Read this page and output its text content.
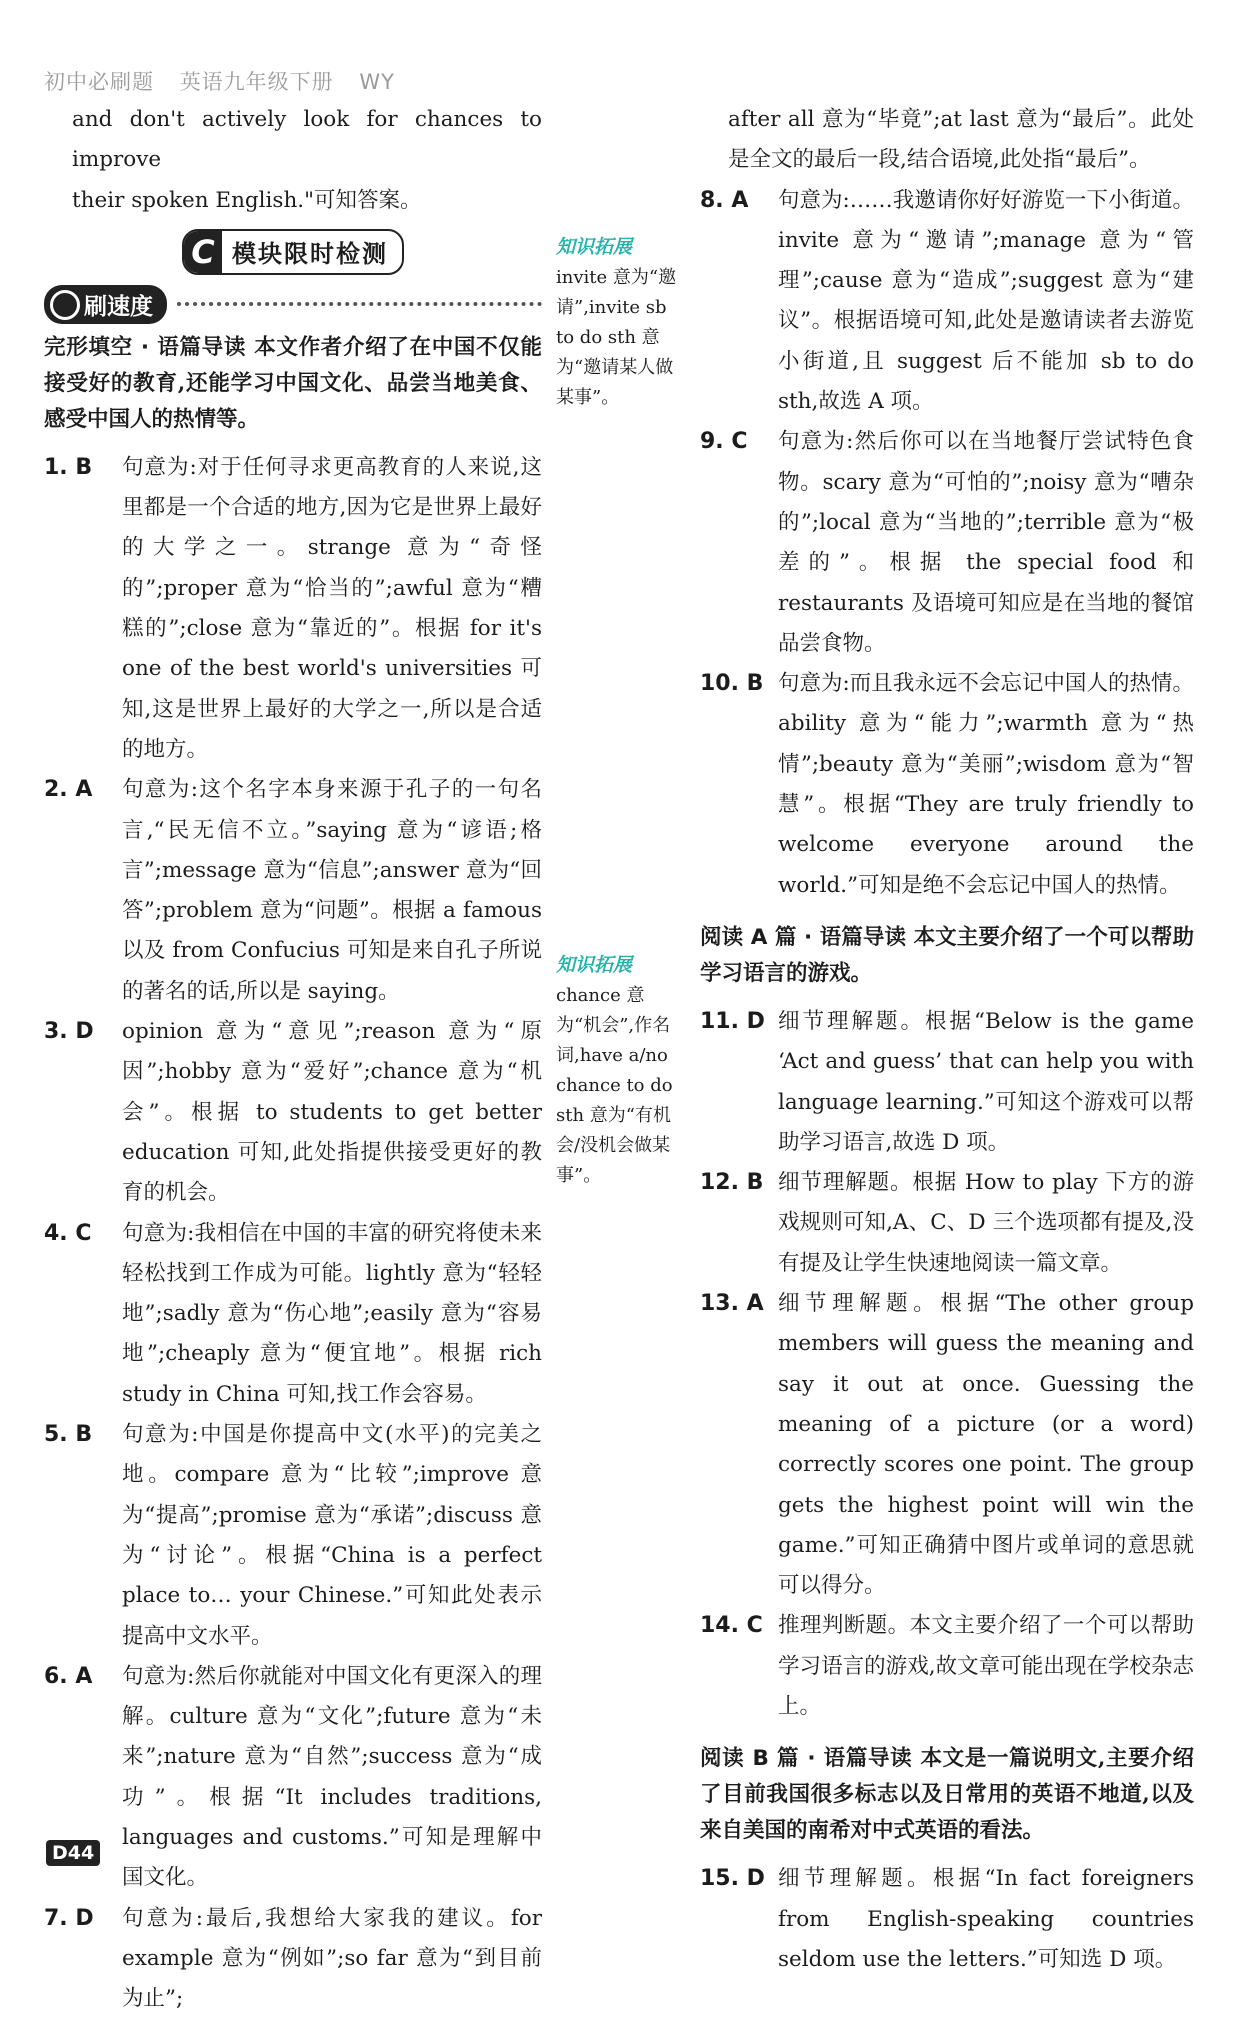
初中必刷题 英语九年级下册 WY

and don't actively look for chances to improve

their spoken English."可知答案。

C 模块限时检测
刷速度

完形填空 · 语篇导读 本文作者介绍了在中国不仅能接受好的教育,还能学习中国文化、品尝当地美食、感受中国人的热情等。

1. B	句意为:对于任何寻求更高教育的人来说,这里都是一个合适的地方,因为它是世界上最好的大学之一。strange 意为“奇怪的”;proper 意为“恰当的”;awful 意为“糟糕的”;close 意为“靠近的”。根据 for it's one of the best world's universities 可知,这是世界上最好的大学之一,所以是合适的地方。

2. A	句意为:这个名字本身来源于孔子的一句名言,“民无信不立。”saying 意为“谚语;格言”;message 意为“信息”;answer 意为“回答”;problem 意为“问题”。根据 a famous 以及 from Confucius 可知是来自孔子所说的著名的话,所以是 saying。

3. D	opinion 意为“意见”;reason 意为“原因”;hobby 意为“爱好”;chance 意为“机会”。根据 to students to get better education 可知,此处指提供接受更好的教育的机会。

4. C	句意为:我相信在中国的丰富的研究将使未来轻松找到工作成为可能。lightly 意为“轻轻地”;sadly 意为“伤心地”;easily 意为“容易地”;cheaply 意为“便宜地”。根据 rich study in China 可知,找工作会容易。

5. B	句意为:中国是你提高中文(水平)的完美之地。compare 意为“比较”;improve 意为“提高”;promise 意为“承诺”;discuss 意为“讨论”。根据“China is a perfect place to… your Chinese.”可知此处表示提高中文水平。

6. A	句意为:然后你就能对中国文化有更深入的理解。culture 意为“文化”;future 意为“未来”;nature 意为“自然”;success 意为“成功”。根据“It includes traditions, languages and customs.”可知是理解中国文化。

7. D	句意为:最后,我想给大家我的建议。for example 意为“例如”;so far 意为“到目前为止”;

知识拓展

invite 意为“邀请”,invite sb to do sth 意为“邀请某人做某事”。

知识拓展

chance 意为“机会”,作名词,have a/no chance to do sth 意为“有机会/没机会做某事”。

after all 意为“毕竟”;at last 意为“最后”。此处是全文的最后一段,结合语境,此处指“最后”。

8. A	句意为:……我邀请你好好游览一下小街道。invite 意为“邀请”;manage 意为“管理”;cause 意为“造成”;suggest 意为“建议”。根据语境可知,此处是邀请读者去游览小街道,且 suggest 后不能加 sb to do sth,故选 A 项。

9. C	句意为:然后你可以在当地餐厅尝试特色食物。scary 意为“可怕的”;noisy 意为“嘈杂的”;local 意为“当地的”;terrible 意为“极差的”。根据 the special food 和 restaurants 及语境可知应是在当地的餐馆品尝食物。

10. B 句意为:而且我永远不会忘记中国人的热情。ability 意为“能力”;warmth 意为“热情”;beauty 意为“美丽”;wisdom 意为“智慧”。根据“They are truly friendly to welcome everyone around the world.”可知是绝不会忘记中国人的热情。

阅读 A 篇 · 语篇导读 本文主要介绍了一个可以帮助学习语言的游戏。

11. D 细节理解题。根据“Below is the game ‘Act and guess’ that can help you with language learning.”可知这个游戏可以帮助学习语言,故选 D 项。

12. B 细节理解题。根据 How to play 下方的游戏规则可知,A、C、D 三个选项都有提及,没有提及让学生快速地阅读一篇文章。

13. A 细节理解题。根据“The other group members will guess the meaning and say it out at once. Guessing the meaning of a picture (or a word) correctly scores one point. The group gets the highest point will win the game.”可知正确猜中图片或单词的意思就可以得分。

14. C 推理判断题。本文主要介绍了一个可以帮助学习语言的游戏,故文章可能出现在学校杂志上。

阅读 B 篇 · 语篇导读 本文是一篇说明文,主要介绍了目前我国很多标志以及日常用的英语不地道,以及来自美国的南希对中式英语的看法。

15. D 细节理解题。根据“In fact foreigners from English-speaking countries seldom use the letters.”可知选 D 项。

D44
